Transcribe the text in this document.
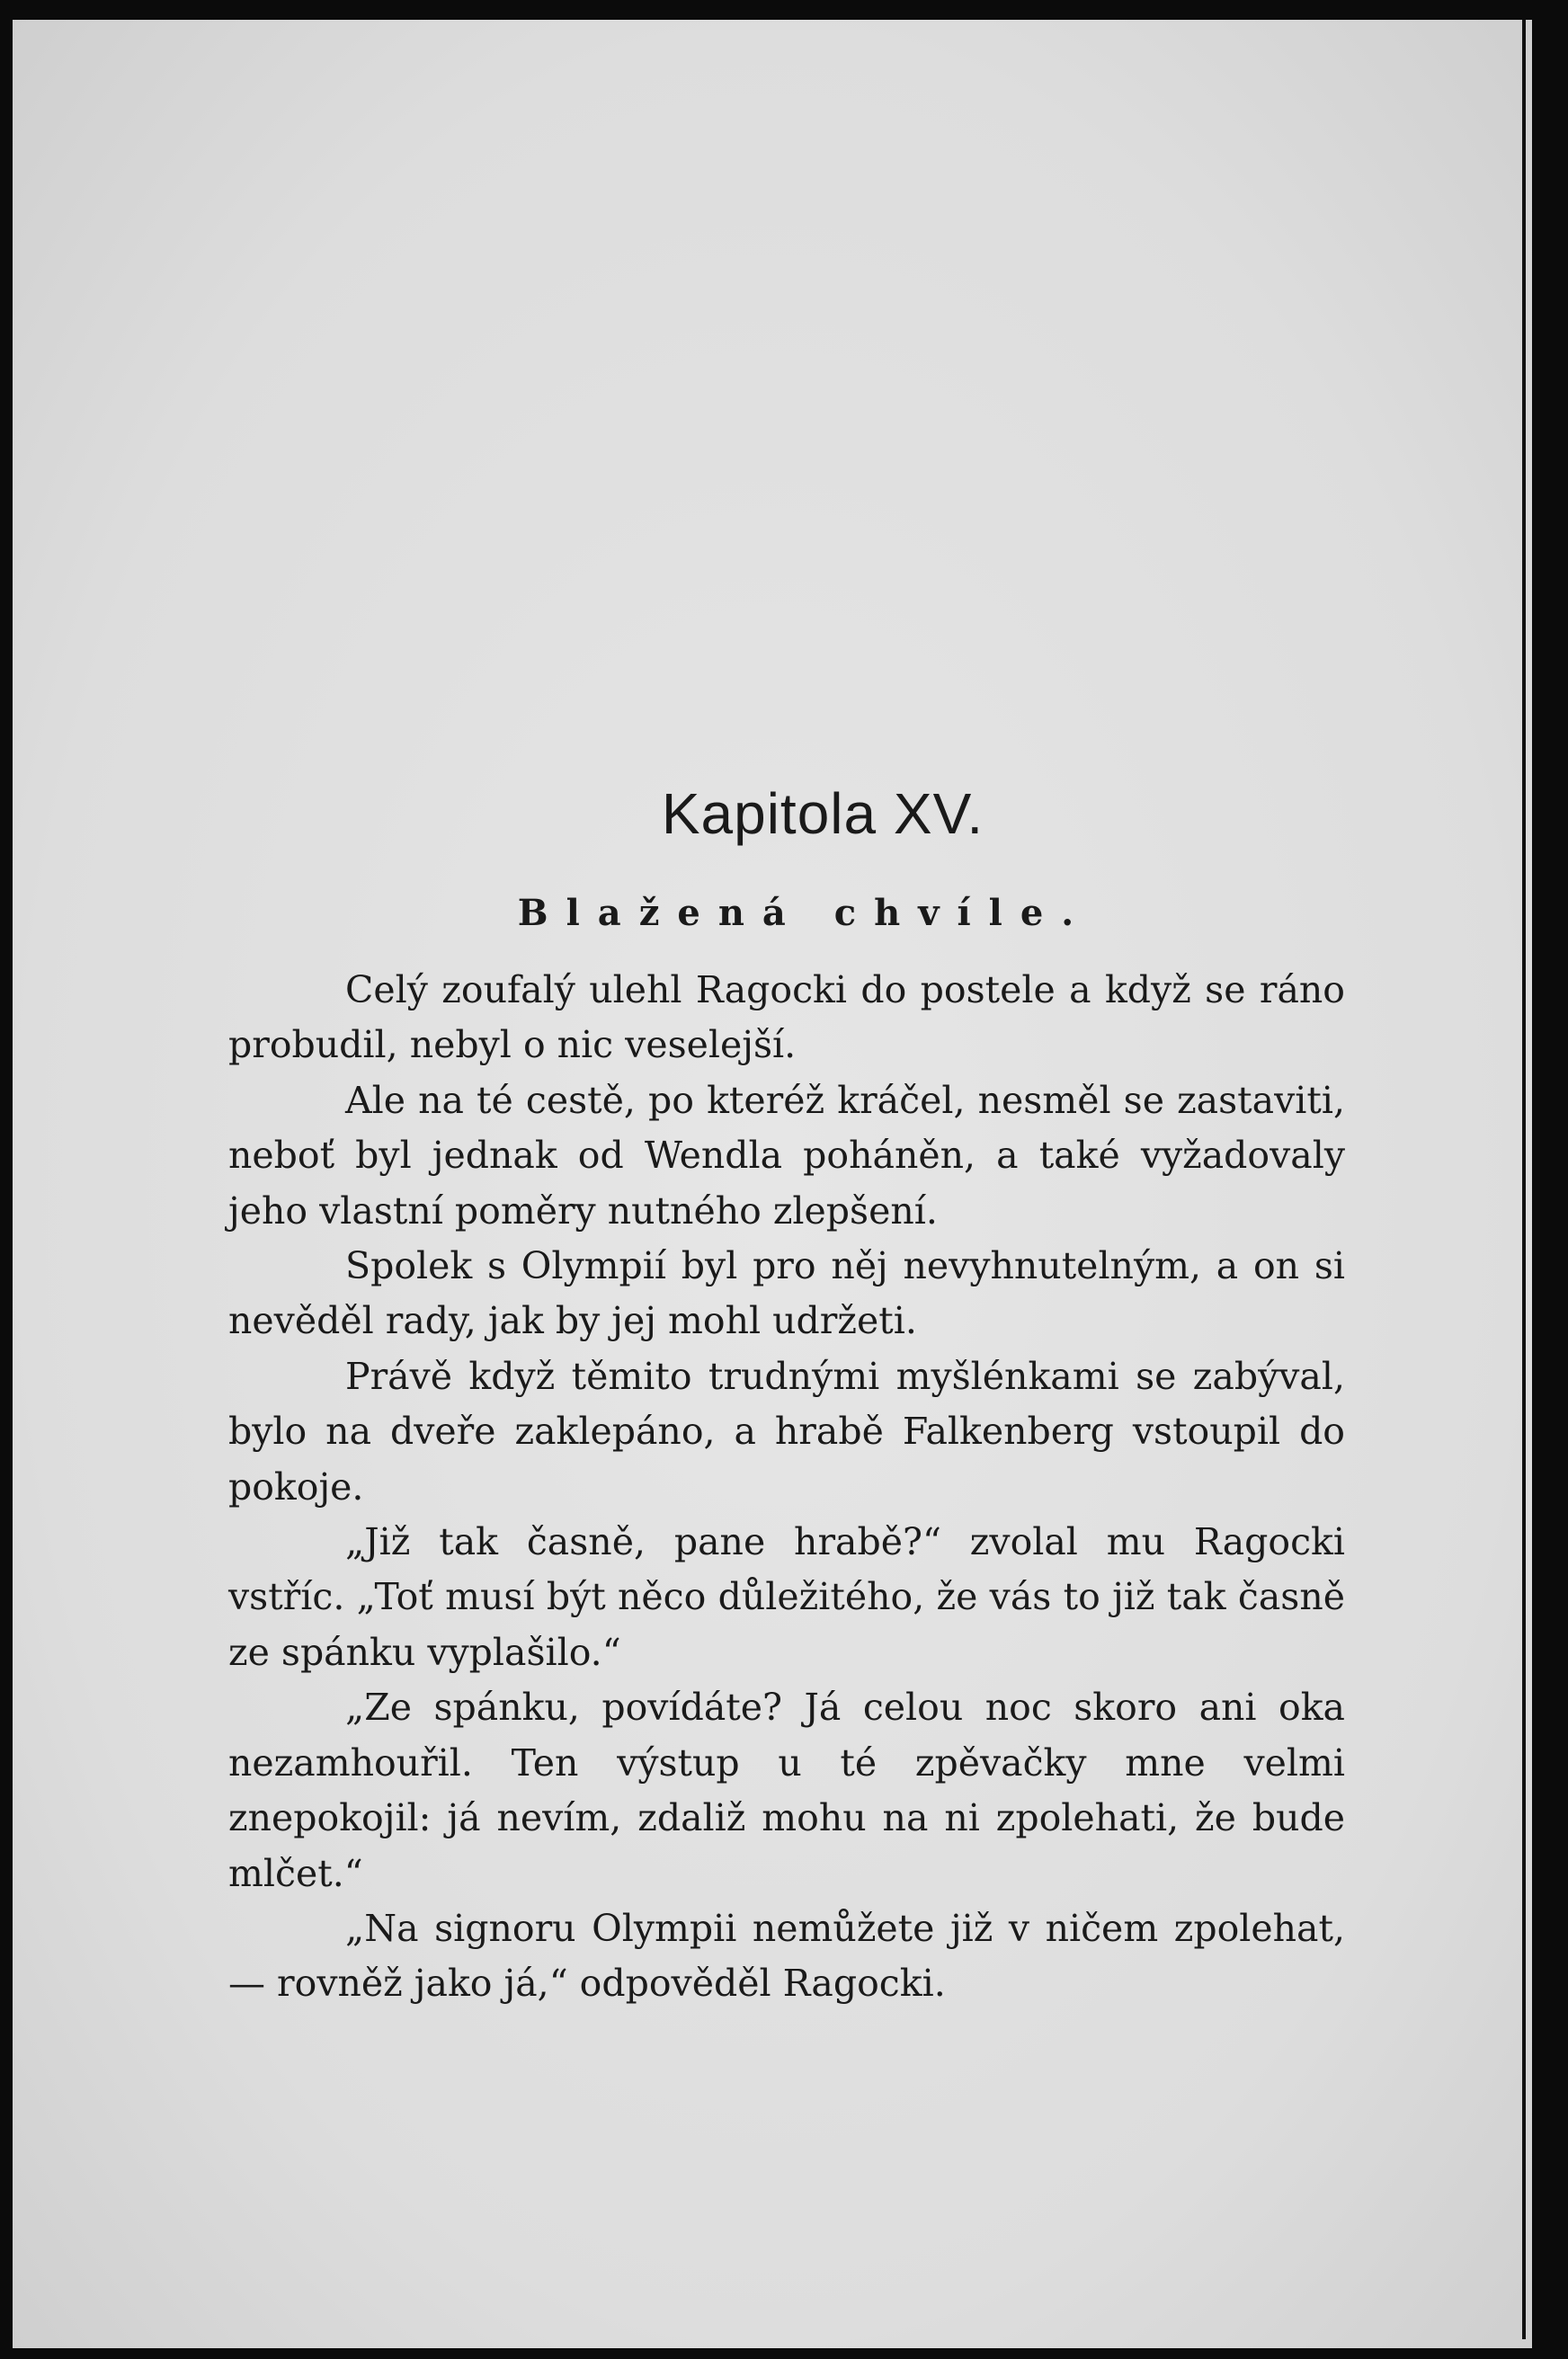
Kapitola XV.
Blažená chvíle.

Celý zoufalý ulehl Ragocki do postele a když se ráno probudil, nebyl o nic veselejší.

Ale na té cestě, po kteréž kráčel, nesměl se zastaviti, neboť byl jednak od Wendla poháněn, a také vyžadovaly jeho vlastní poměry nutného zlepšení.

Spolek s Olympií byl pro něj nevyhnutelným, a on si nevěděl rady, jak by jej mohl udržeti.

Právě když těmito trudnými myšlénkami se zabýval, bylo na dveře zaklepáno, a hrabě Falkenberg vstoupil do pokoje.

„Již tak časně, pane hrabě?“ zvolal mu Ragocki vstříc. „Toť musí být něco důležitého, že vás to již tak časně ze spánku vyplašilo.“

„Ze spánku, povídáte? Já celou noc skoro ani oka nezamhouřil. Ten výstup u té zpěvačky mne velmi znepokojil: já nevím, zdaliž mohu na ni zpolehati, že bude mlčet.“

„Na signoru Olympii nemůžete již v ničem zpolehat, — rovněž jako já,“ odpověděl Ragocki.
